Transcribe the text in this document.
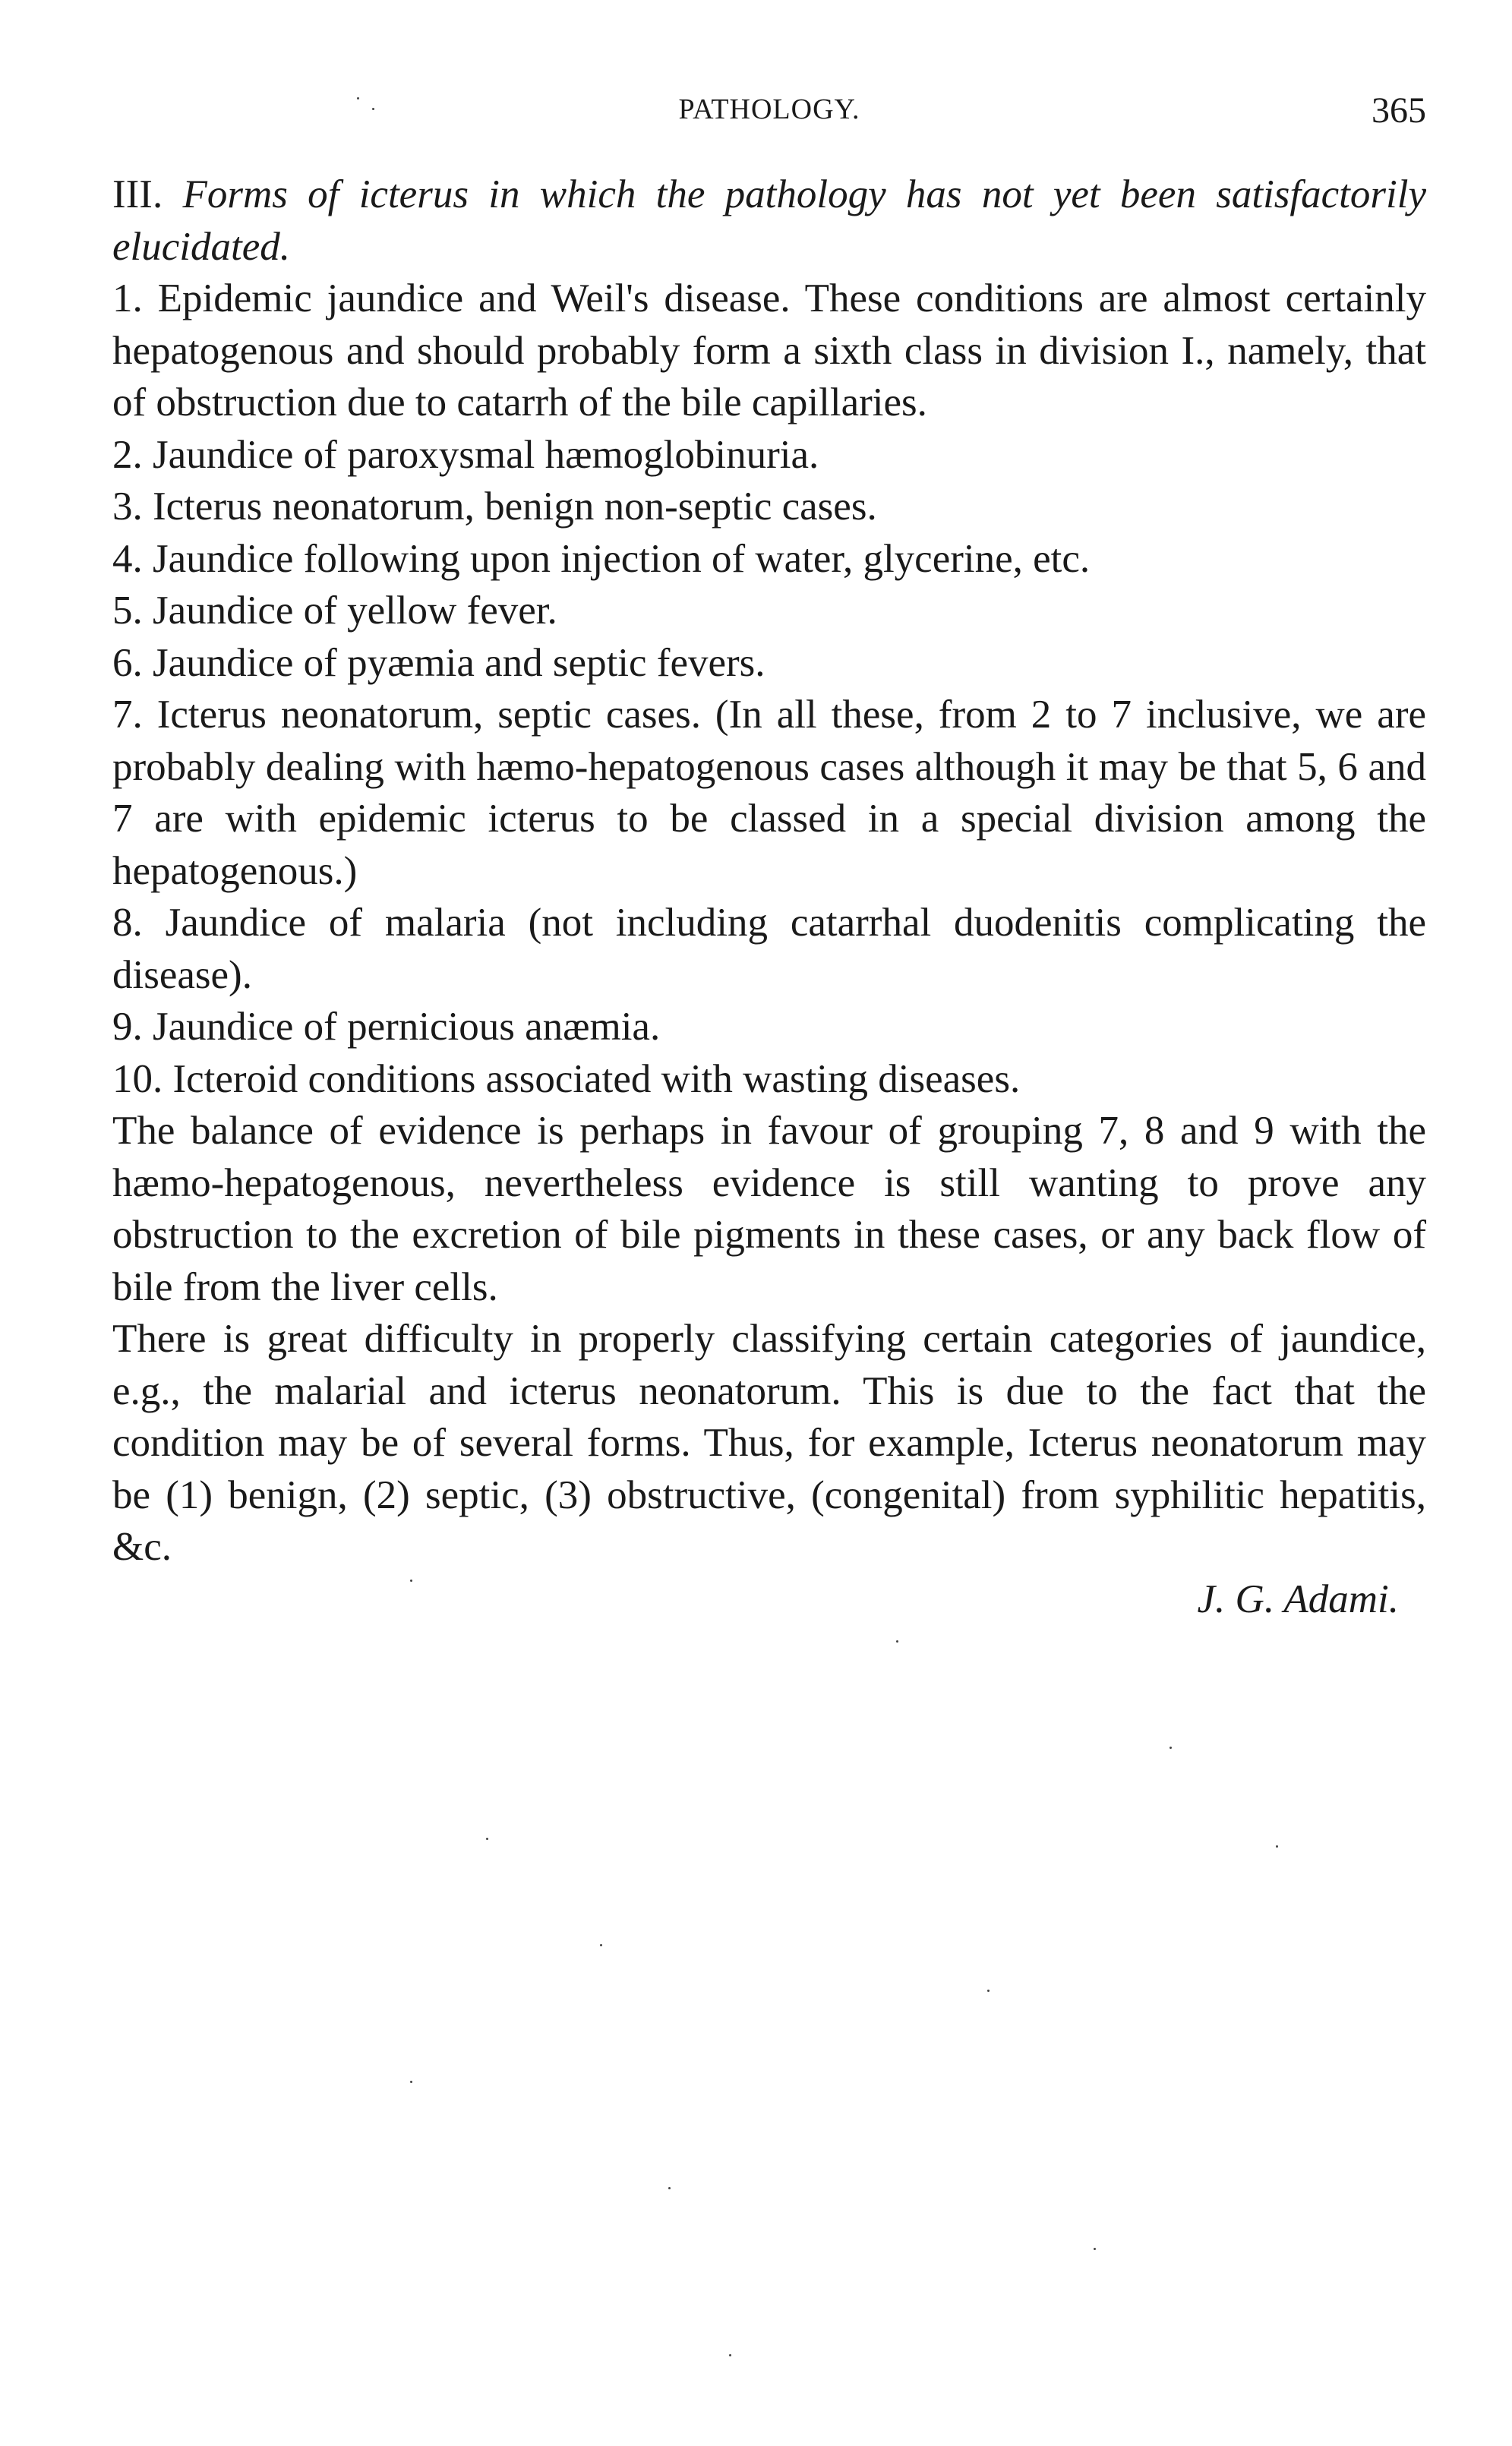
PATHOLOGY.	365

III. Forms of icterus in which the pathology has not yet been satisfactorily elucidated.

1. Epidemic jaundice and Weil's disease. These conditions are almost certainly hepatogenous and should probably form a sixth class in division I., namely, that of obstruction due to catarrh of the bile capillaries.

2. Jaundice of paroxysmal hæmoglobinuria.

3. Icterus neonatorum, benign non-septic cases.

4. Jaundice following upon injection of water, glycerine, etc.

5. Jaundice of yellow fever.

6. Jaundice of pyæmia and septic fevers.

7. Icterus neonatorum, septic cases. (In all these, from 2 to 7 inclusive, we are probably dealing with hæmo-hepatogenous cases although it may be that 5, 6 and 7 are with epidemic icterus to be classed in a special division among the hepatogenous.)

8. Jaundice of malaria (not including catarrhal duodenitis complicating the disease).

9. Jaundice of pernicious anæmia.

10. Icteroid conditions associated with wasting diseases.

The balance of evidence is perhaps in favour of grouping 7, 8 and 9 with the hæmo-hepatogenous, nevertheless evidence is still wanting to prove any obstruction to the excretion of bile pigments in these cases, or any back flow of bile from the liver cells.

There is great difficulty in properly classifying certain categories of jaundice, e.g., the malarial and icterus neonatorum. This is due to the fact that the condition may be of several forms. Thus, for example, Icterus neonatorum may be (1) benign, (2) septic, (3) obstructive, (congenital) from syphilitic hepatitis, &c.

J. G. Adami.
